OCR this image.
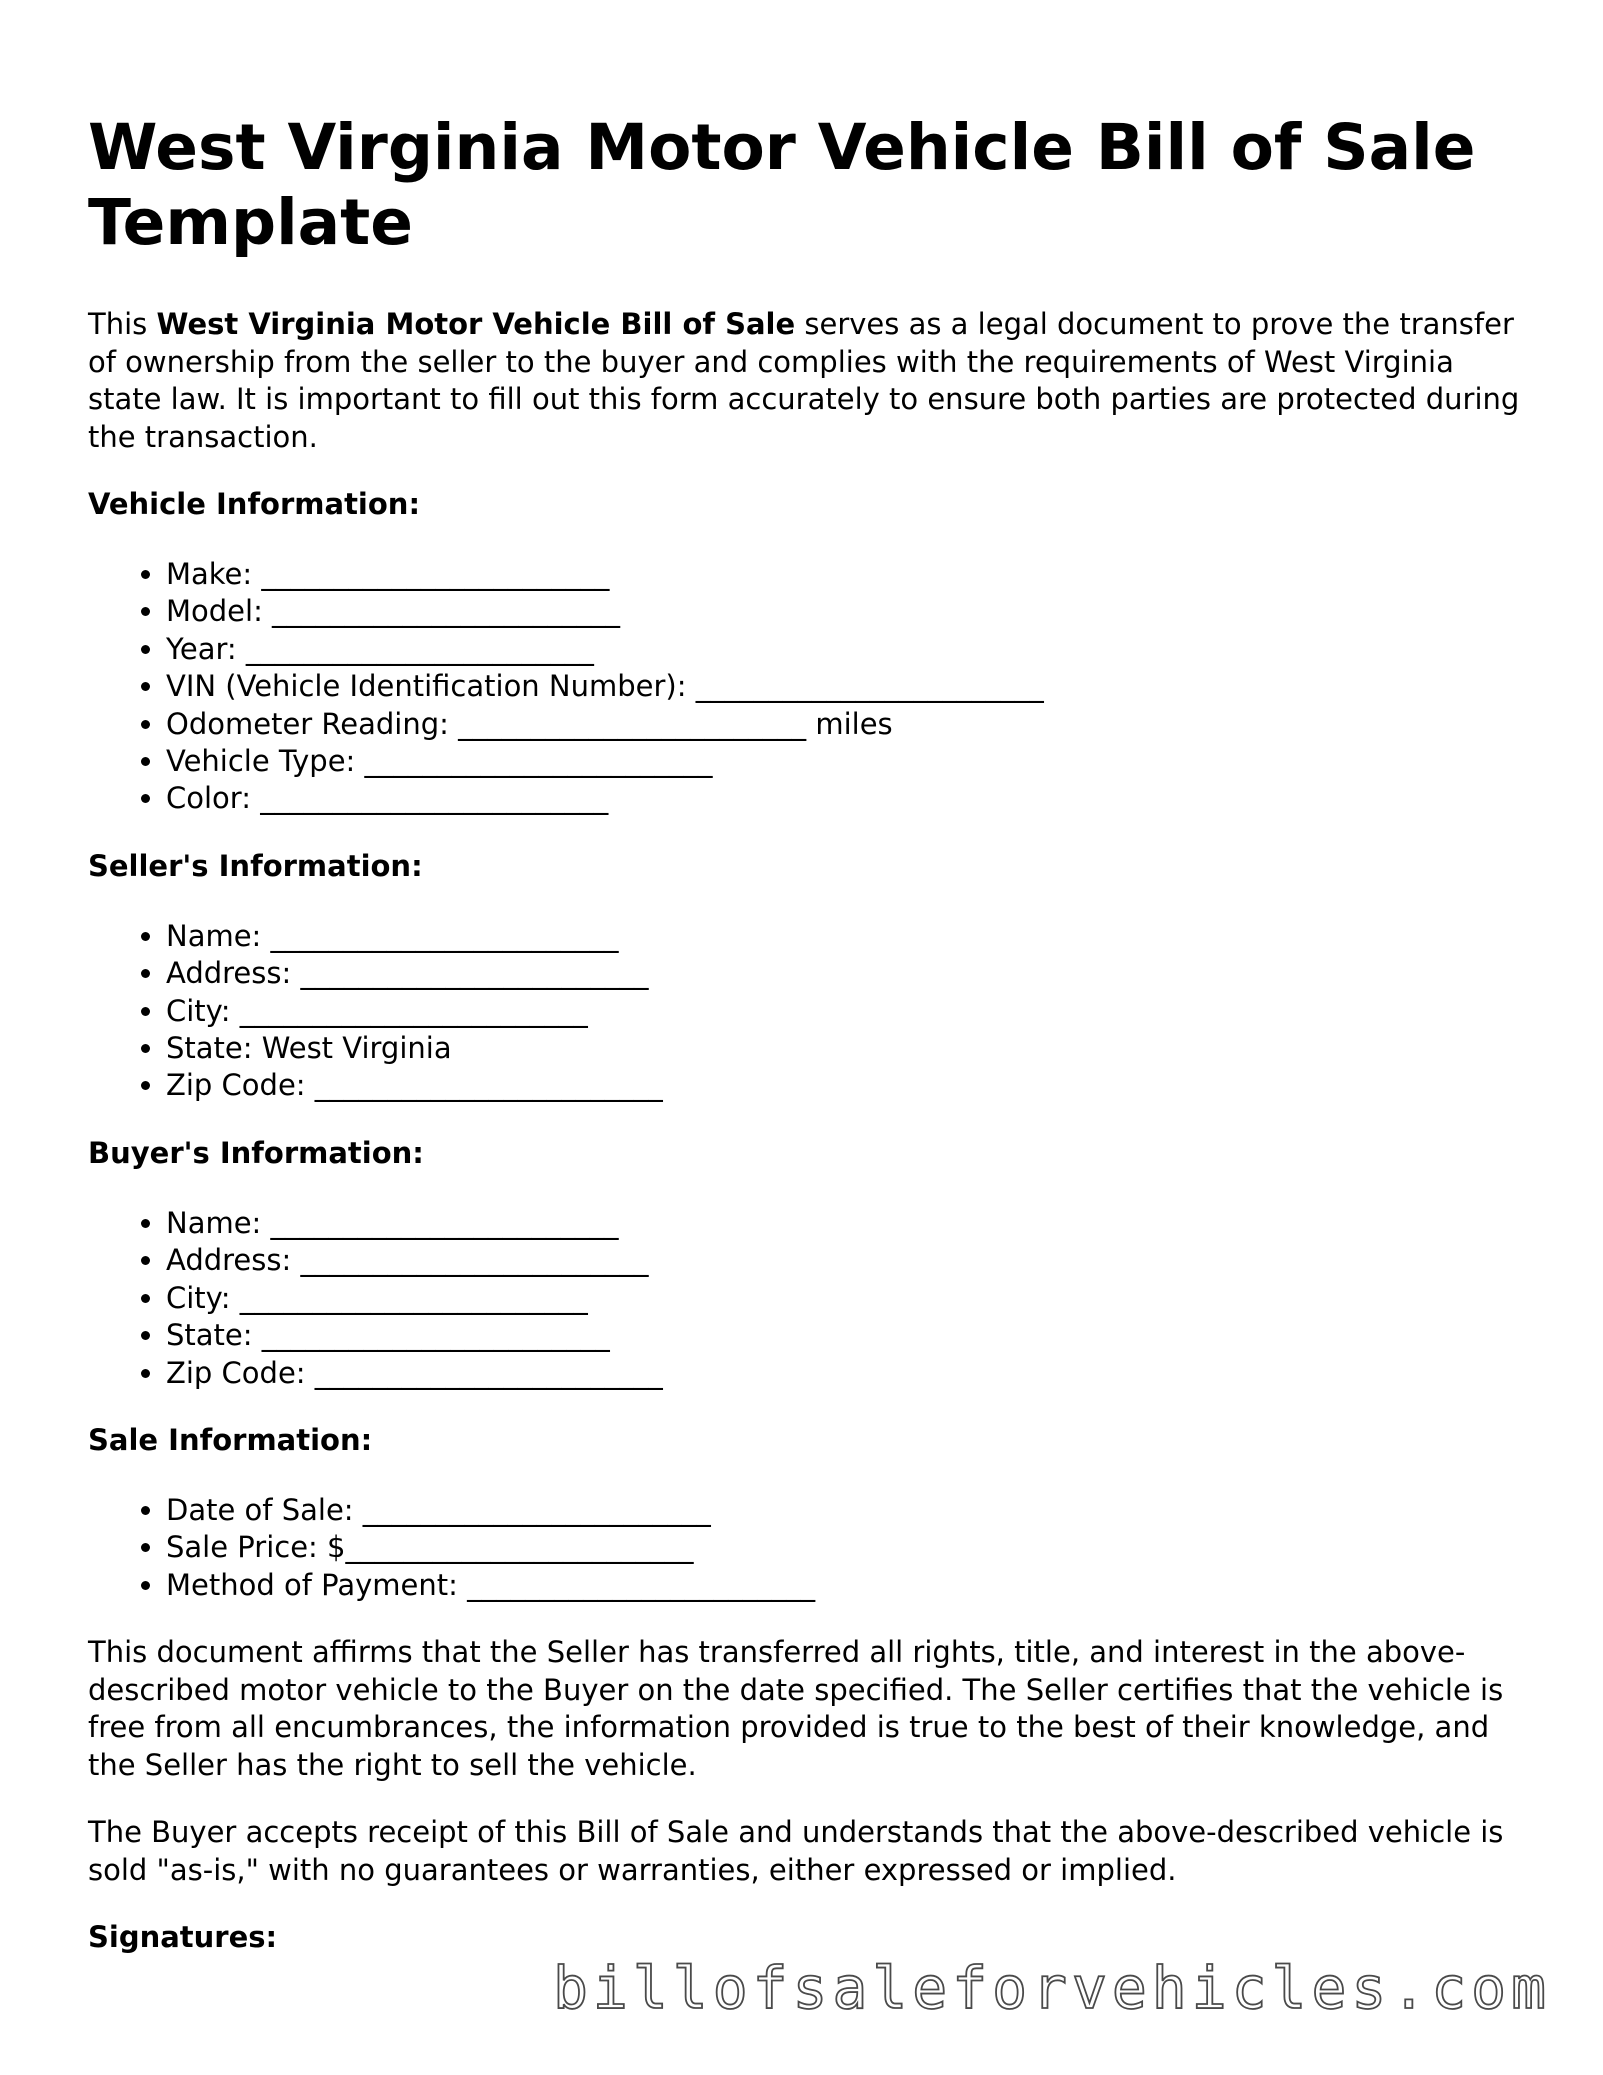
West Virginia Motor Vehicle Bill of Sale Template

This West Virginia Motor Vehicle Bill of Sale serves as a legal document to prove the transfer of ownership from the seller to the buyer and complies with the requirements of West Virginia state law. It is important to fill out this form accurately to ensure both parties are protected during the transaction.

Vehicle Information:
• Make: ________________________
• Model: ________________________
• Year: ________________________
• VIN (Vehicle Identification Number): ________________________
• Odometer Reading: ________________________ miles
• Vehicle Type: ________________________
• Color: ________________________
Seller's Information:
• Name: ________________________
• Address: ________________________
• City: ________________________
• State: West Virginia
• Zip Code: ________________________
Buyer's Information:
• Name: ________________________
• Address: ________________________
• City: ________________________
• State: ________________________
• Zip Code: ________________________
Sale Information:
• Date of Sale: ________________________
• Sale Price: $________________________
• Method of Payment: ________________________

This document affirms that the Seller has transferred all rights, title, and interest in the above-described motor vehicle to the Buyer on the date specified. The Seller certifies that the vehicle is free from all encumbrances, the information provided is true to the best of their knowledge, and the Seller has the right to sell the vehicle.

The Buyer accepts receipt of this Bill of Sale and understands that the above-described vehicle is sold "as-is," with no guarantees or warranties, either expressed or implied.

Signatures:
billofsaleforvehicles.com
